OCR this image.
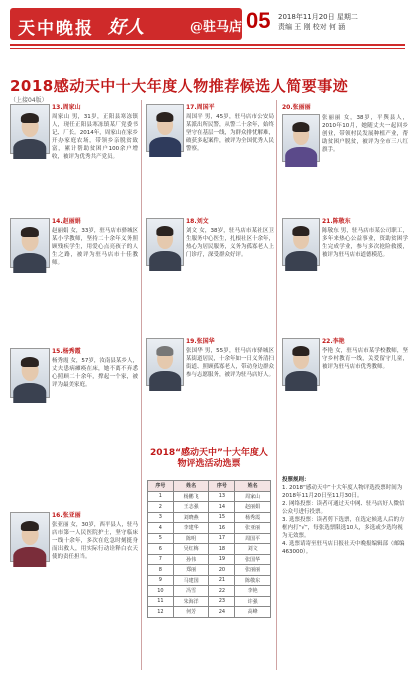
天中晚报 好人	@驻马店 05 2018年11月20日 星期二
责编 王 刚 校对 何 涵
2018感动天中十大年度人物推荐候选人简要事迹
（上接04版）
13.周家山
周家山 男，31岁，正阳县寒冻镇人，现任正阳县寒冻镇某厂党委书记、厂长。2014年，周家山在家乡开办家庭农场，带领乡亲脱贫致富，累计帮助贫困户100余户增收，被评为优秀共产党员。
14.赵丽娟
赵丽娟 女，33岁，驻马店市驿城区某小学教师，坚持二十余年义务照顾残疾学生，用爱心点亮孩子的人生之路，被评为驻马店市十佳教师。
15.杨秀霞
杨秀霞 女，57岁，汝南县某乡人，丈夫患病瘫痪在床，她不离不弃悉心照顾二十余年，撑起一个家，被评为最美家庭。
16.张亚丽
张亚丽 女，30岁，西平县人，驻马店市第一人民医院护士，坚守临床一线十余年，多次在危急时刻挺身而出救人，用实际行动诠释白衣天使的责任担当。
17.周国平
周国平 男，45岁，驻马店市公安局某派出所民警，从警二十余年，始终坚守在基层一线，为群众排忧解难，破获多起案件，被评为全国优秀人民警察。
18.刘文
刘文 女，38岁，驻马店市某社区卫生服务中心医生，扎根社区十余年，热心为居民服务，义务为孤寡老人上门诊疗，深受群众好评。
19.张国华
张国华 男，55岁，驻马店市驿城区某街道居民，十余年如一日义务清扫街道、照顾孤寡老人，带动身边群众参与志愿服务，被评为驻马店好人。
2018“感动天中”十大年度人物评选活动选票
序号	姓名	序号	姓名
1	杨鹏飞	13	周家山
2	王志强	14	赵丽娟
3	刘晓燕	15	杨秀霞
4	李建华	16	张亚丽
5	陈明	17	周国平
6	吴红梅	18	刘文
7	孙伟	19	张国华
8	郑丽	20	张丽丽
9	马建国	21	陈敬东
10	冯雪	22	李艳
11	朱海洋	23	许强
12	何芳	24	高峰
20.张丽丽
张丽丽 女，38岁，平舆县人，2010年10月，她随丈夫一起回乡创业，带领村民发展种植产业，帮助贫困户脱贫，被评为全市三八红旗手。
21.陈敬东
陈敬东 男，驻马店市某公司职工，多年来热心公益事业，资助贫困学生完成学业，参与多次抢险救援，被评为驻马店市道德模范。
22.李艳
李艳 女，驻马店市某学校教师，坚守乡村教育一线，关爱留守儿童，被评为驻马店市优秀教师。
投票规则：
1. 2018“感动天中”十大年度人物评选投票时间为2018年11月20日至11月30日。
2. 网络投票：读者可通过天中网、驻马店好人微信公众号进行投票。
3. 选票投票：读者剪下选票，在选定候选人后的方框内打“√”，每张选票限选10人，多选或少选均视为无效票。
4. 选票请寄至驻马店日报社天中晚报编辑部（邮编463000）。
